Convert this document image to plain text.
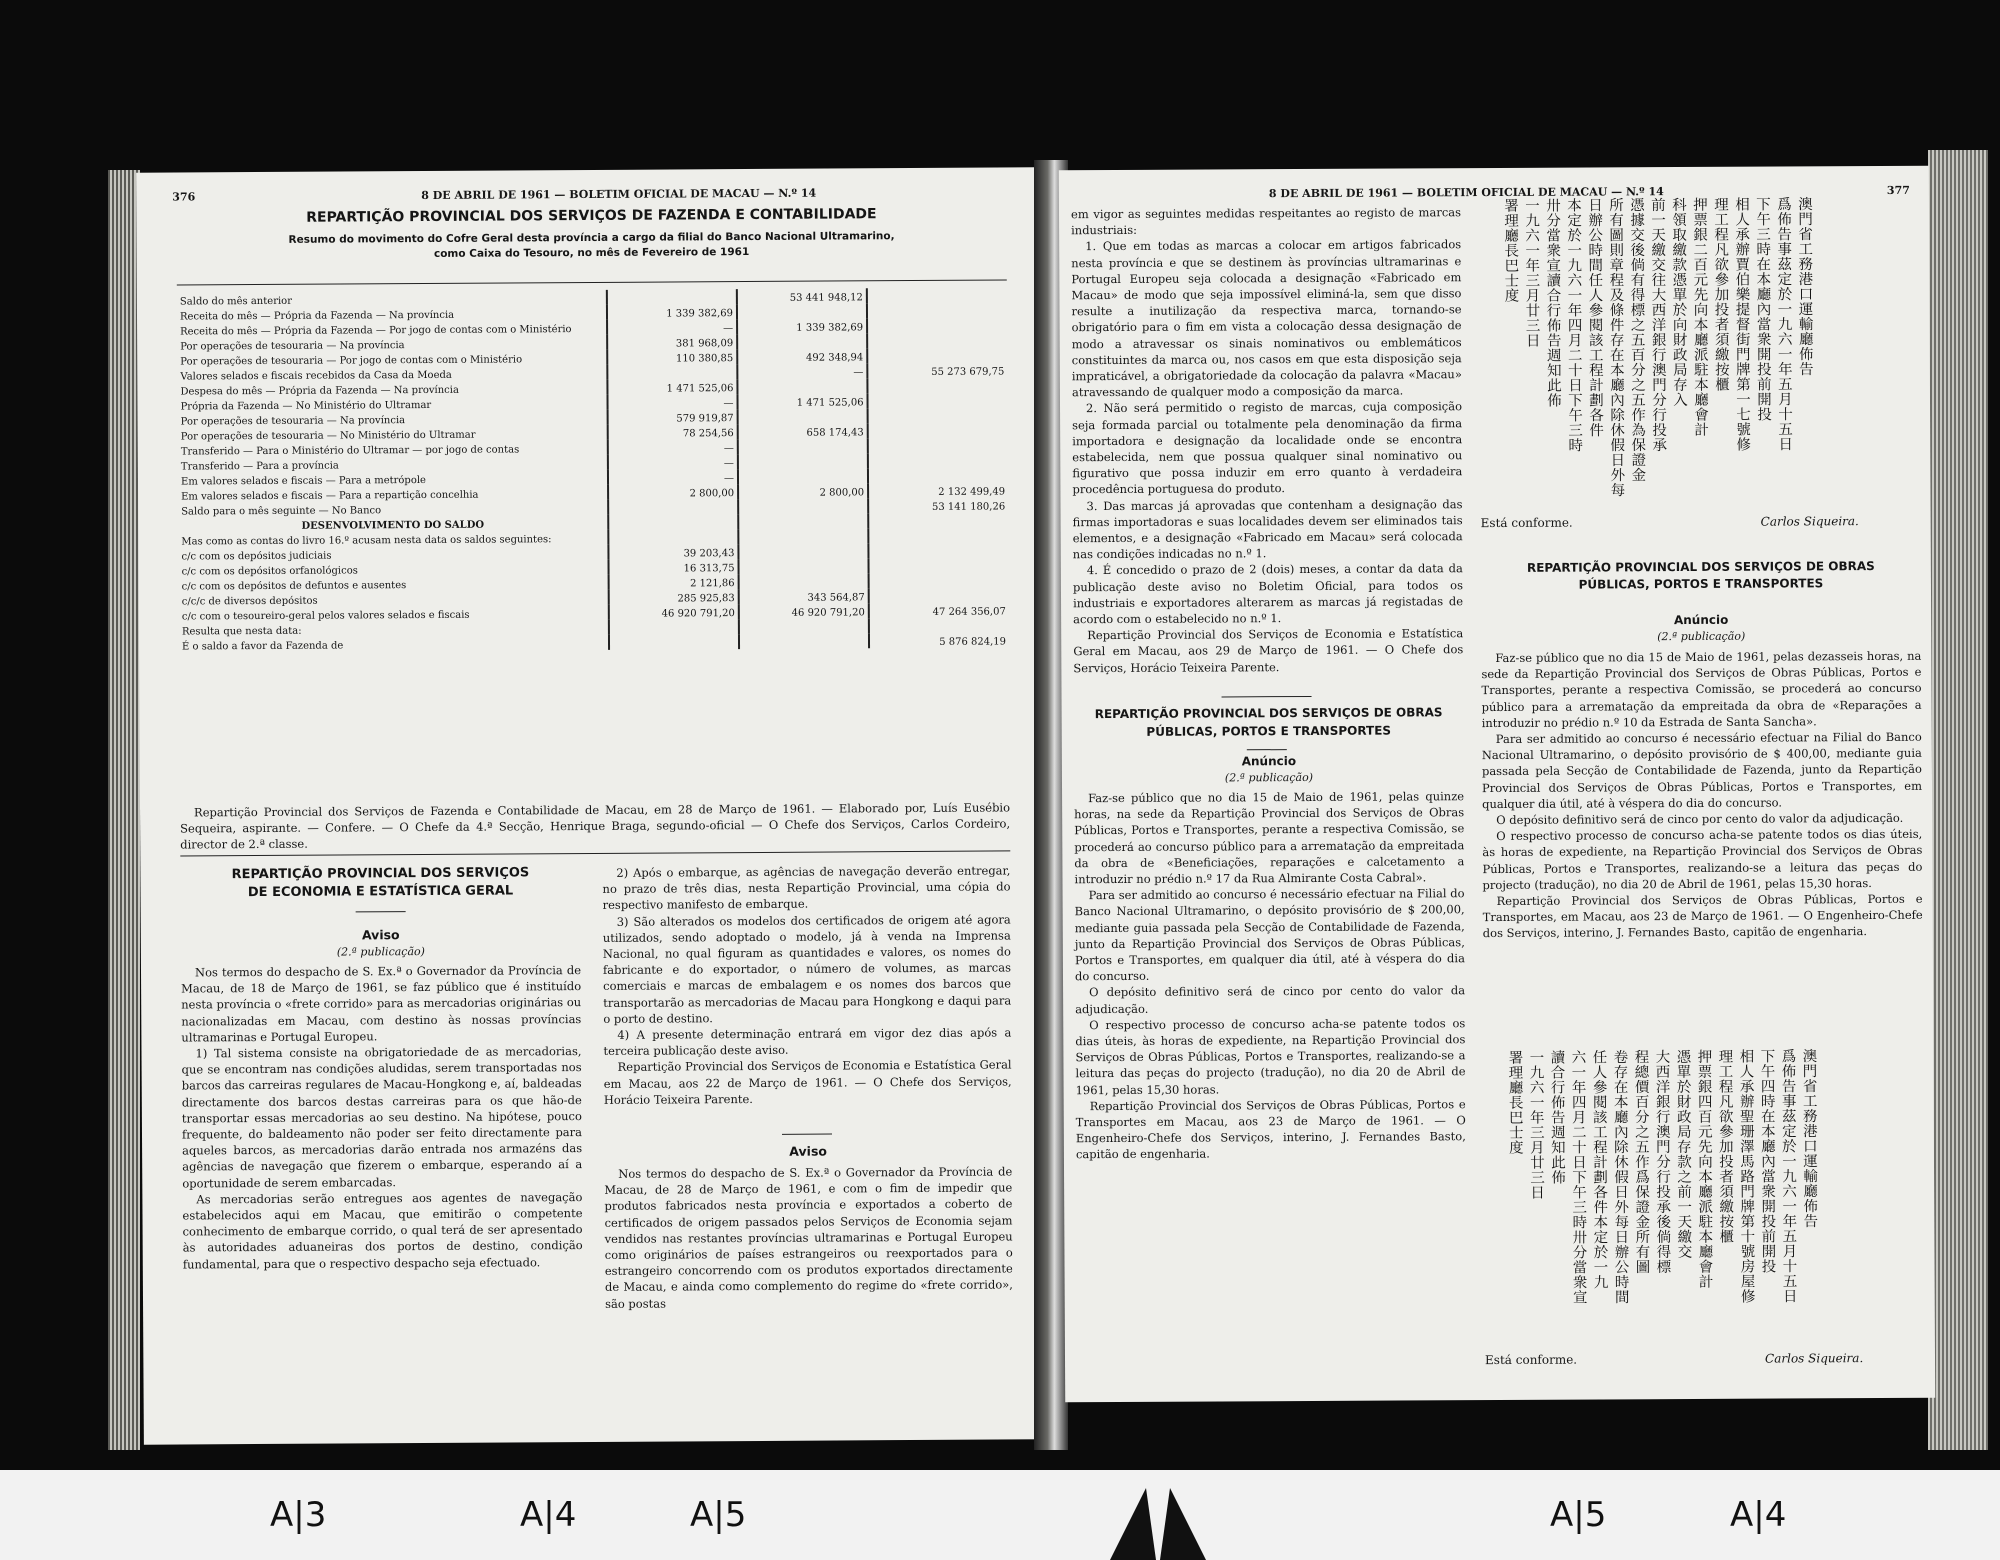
376	8 DE ABRIL DE 1961 — BOLETIM OFICIAL DE MACAU — N.º 14
REPARTIÇÃO PROVINCIAL DOS SERVIÇOS DE FAZENDA E CONTABILIDADE
Resumo do movimento do Cofre Geral desta província a cargo da filial do Banco Nacional Ultramarino,
como Caixa do Tesouro, no mês de Fevereiro de 1961
Saldo do mês anterior		53 441 948,12	
Receita do mês — Própria da Fazenda — Na província	1 339 382,69		
Receita do mês — Própria da Fazenda — Por jogo de contas com o Ministério	—	1 339 382,69	
Por operações de tesouraria — Na província	381 968,09		
Por operações de tesouraria — Por jogo de contas com o Ministério	110 380,85	492 348,94	
Valores selados e fiscais recebidos da Casa da Moeda		—	55 273 679,75
Despesa do mês — Própria da Fazenda — Na província	1 471 525,06		
Própria da Fazenda — No Ministério do Ultramar	—	1 471 525,06	
Por operações de tesouraria — Na província	579 919,87		
Por operações de tesouraria — No Ministério do Ultramar	78 254,56	658 174,43	
Transferido — Para o Ministério do Ultramar — por jogo de contas	—		
Transferido — Para a província	—		
Em valores selados e fiscais — Para a metrópole	—		
Em valores selados e fiscais — Para a repartição concelhia	2 800,00	2 800,00	2 132 499,49
Saldo para o mês seguinte — No Banco			53 141 180,26
DESENVOLVIMENTO DO SALDO			
Mas como as contas do livro 16.º acusam nesta data os saldos seguintes:			
c/c com os depósitos judiciais	39 203,43		
c/c com os depósitos orfanológicos	16 313,75		
c/c com os depósitos de defuntos e ausentes	2 121,86		
c/c/c de diversos depósitos	285 925,83	343 564,87	
c/c com o tesoureiro-geral pelos valores selados e fiscais	46 920 791,20	46 920 791,20	47 264 356,07
Resulta que nesta data:			
É o saldo a favor da Fazenda de			5 876 824,19

Repartição Provincial dos Serviços de Fazenda e Contabilidade de Macau, em 28 de Março de 1961. — Elaborado por, Luís Eusébio Sequeira, aspirante. — Confere. — O Chefe da 4.ª Secção, Henrique Braga, segundo-oficial — O Chefe dos Serviços, Carlos Cordeiro, director de 2.ª classe.

REPARTIÇÃO PROVINCIAL DOS SERVIÇOS
DE ECONOMIA E ESTATÍSTICA GERAL
Aviso
(2.ª publicação)

Nos termos do despacho de S. Ex.ª o Governador da Província de Macau, de 18 de Março de 1961, se faz público que é instituído nesta província o «frete corrido» para as mercadorias originárias ou nacionalizadas em Macau, com destino às nossas províncias ultramarinas e Portugal Europeu.

1) Tal sistema consiste na obrigatoriedade de as mercadorias, que se encontram nas condições aludidas, serem transportadas nos barcos das carreiras regulares de Macau-Hongkong e, aí, baldeadas directamente dos barcos destas carreiras para os que hão-de transportar essas mercadorias ao seu destino. Na hipótese, pouco frequente, do baldeamento não poder ser feito directamente para aqueles barcos, as mercadorias darão entrada nos armazéns das agências de navegação que fizerem o embarque, esperando aí a oportunidade de serem embarcadas.

As mercadorias serão entregues aos agentes de navegação estabelecidos aqui em Macau, que emitirão o competente conhecimento de embarque corrido, o qual terá de ser apresentado às autoridades aduaneiras dos portos de destino, condição fundamental, para que o respectivo despacho seja efectuado.

2) Após o embarque, as agências de navegação deverão entregar, no prazo de três dias, nesta Repartição Provincial, uma cópia do respectivo manifesto de embarque.

3) São alterados os modelos dos certificados de origem até agora utilizados, sendo adoptado o modelo, já à venda na Imprensa Nacional, no qual figuram as quantidades e valores, os nomes do fabricante e do exportador, o número de volumes, as marcas comerciais e marcas de embalagem e os nomes dos barcos que transportarão as mercadorias de Macau para Hongkong e daqui para o porto de destino.

4) A presente determinação entrará em vigor dez dias após a terceira publicação deste aviso.

Repartição Provincial dos Serviços de Economia e Estatística Geral em Macau, aos 22 de Março de 1961. — O Chefe dos Serviços, Horácio Teixeira Parente.

Aviso

Nos termos do despacho de S. Ex.ª o Governador da Província de Macau, de 28 de Março de 1961, e com o fim de impedir que produtos fabricados nesta província e exportados a coberto de certificados de origem passados pelos Serviços de Economia sejam vendidos nas restantes províncias ultramarinas e Portugal Europeu como originários de países estrangeiros ou reexportados para o estrangeiro concorrendo com os produtos exportados directamente de Macau, e ainda como complemento do regime do «frete corrido», são postas

8 DE ABRIL DE 1961 — BOLETIM OFICIAL DE MACAU — N.º 14	377

em vigor as seguintes medidas respeitantes ao registo de marcas industriais:

1. Que em todas as marcas a colocar em artigos fabricados nesta província e que se destinem às províncias ultramarinas e Portugal Europeu seja colocada a designação «Fabricado em Macau» de modo que seja impossível eliminá-la, sem que disso resulte a inutilização da respectiva marca, tornando-se obrigatório para o fim em vista a colocação dessa designação de modo a atravessar os sinais nominativos ou emblemáticos constituintes da marca ou, nos casos em que esta disposição seja impraticável, a obrigatoriedade da colocação da palavra «Macau» atravessando de qualquer modo a composição da marca.

2. Não será permitido o registo de marcas, cuja composição seja formada parcial ou totalmente pela denominação da firma importadora e designação da localidade onde se encontra estabelecida, nem que possua qualquer sinal nominativo ou figurativo que possa induzir em erro quanto à verdadeira procedência portuguesa do produto.

3. Das marcas já aprovadas que contenham a designação das firmas importadoras e suas localidades devem ser eliminados tais elementos, e a designação «Fabricado em Macau» será colocada nas condições indicadas no n.º 1.

4. É concedido o prazo de 2 (dois) meses, a contar da data da publicação deste aviso no Boletim Oficial, para todos os industriais e exportadores alterarem as marcas já registadas de acordo com o estabelecido no n.º 1.

Repartição Provincial dos Serviços de Economia e Estatística Geral em Macau, aos 29 de Março de 1961. — O Chefe dos Serviços, Horácio Teixeira Parente.

REPARTIÇÃO PROVINCIAL DOS SERVIÇOS DE OBRAS
PÚBLICAS, PORTOS E TRANSPORTES
Anúncio
(2.ª publicação)

Faz-se público que no dia 15 de Maio de 1961, pelas quinze horas, na sede da Repartição Provincial dos Serviços de Obras Públicas, Portos e Transportes, perante a respectiva Comissão, se procederá ao concurso público para a arrematação da empreitada da obra de «Beneficiações, reparações e calcetamento a introduzir no prédio n.º 17 da Rua Almirante Costa Cabral».

Para ser admitido ao concurso é necessário efectuar na Filial do Banco Nacional Ultramarino, o depósito provisório de $ 200,00, mediante guia passada pela Secção de Contabilidade de Fazenda, junto da Repartição Provincial dos Serviços de Obras Públicas, Portos e Transportes, em qualquer dia útil, até à véspera do dia do concurso.

O depósito definitivo será de cinco por cento do valor da adjudicação.

O respectivo processo de concurso acha-se patente todos os dias úteis, às horas de expediente, na Repartição Provincial dos Serviços de Obras Públicas, Portos e Transportes, realizando-se a leitura das peças do projecto (tradução), no dia 20 de Abril de 1961, pelas 15,30 horas.

Repartição Provincial dos Serviços de Obras Públicas, Portos e Transportes em Macau, aos 23 de Março de 1961. — O Engenheiro-Chefe dos Serviços, interino, J. Fernandes Basto, capitão de engenharia.

澳門省工務港口運輸廳佈告
爲佈告事茲定於一九六一年五月十五日
下午三時在本廳內當衆開投前開投
相人承辦賈伯樂提督街門牌第一七號修
理工程凡欲參加投者須繳按櫃
押票銀二百元先向本廳派駐本廳會計
科領取繳款憑單於向財政局存入
前一天繳交往大西洋銀行澳門分行投承
憑據交後倘有得標之五百分之五作為保證金
所有圖則章程及條件存在本廳內除休假日外每
日辦公時間任人參閱該工程計劃各件
本定於一九六一年四月二十日下午三時
卅分當衆宣讀合行佈告週知此佈
一九六一年三月廿三日
署理廳長巴士度
Está conforme.	Carlos Siqueira.
REPARTIÇÃO PROVINCIAL DOS SERVIÇOS DE OBRAS
PÚBLICAS, PORTOS E TRANSPORTES
Anúncio
(2.ª publicação)

Faz-se público que no dia 15 de Maio de 1961, pelas dezasseis horas, na sede da Repartição Provincial dos Serviços de Obras Públicas, Portos e Transportes, perante a respectiva Comissão, se procederá ao concurso público para a arrematação da empreitada da obra de «Reparações a introduzir no prédio n.º 10 da Estrada de Santa Sancha».

Para ser admitido ao concurso é necessário efectuar na Filial do Banco Nacional Ultramarino, o depósito provisório de $ 400,00, mediante guia passada pela Secção de Contabilidade de Fazenda, junto da Repartição Provincial dos Serviços de Obras Públicas, Portos e Transportes, em qualquer dia útil, até à véspera do dia do concurso.

O depósito definitivo será de cinco por cento do valor da adjudicação.

O respectivo processo de concurso acha-se patente todos os dias úteis, às horas de expediente, na Repartição Provincial dos Serviços de Obras Públicas, Portos e Transportes, realizando-se a leitura das peças do projecto (tradução), no dia 20 de Abril de 1961, pelas 15,30 horas.

Repartição Provincial dos Serviços de Obras Públicas, Portos e Transportes, em Macau, aos 23 de Março de 1961. — O Engenheiro-Chefe dos Serviços, interino, J. Fernandes Basto, capitão de engenharia.

澳門省工務港口運輸廳佈告
爲佈告事茲定於一九六一年五月十五日
下午四時在本廳內當衆開投前開投
相人承辦聖珊澤馬路門牌第十號房屋修
理工程凡欲參加投者須繳按櫃
押票銀四百元先向本廳派駐本廳會計
憑單於財政局存款之前一天繳交
大西洋銀行澳門分行投承後倘得標
程總價百分之五作爲保證金所有圖
卷存在本廳內除休假日外每日辦公時間
任人參閱該工程計劃各件本定於一九
六一年四月二十日下午三時卅分當衆宣
讀合行佈告週知此佈
一九六一年三月廿三日
署理廳長巴士度
Está conforme.	Carlos Siqueira.
A|3	A|4	A|5	A|5	A|4
